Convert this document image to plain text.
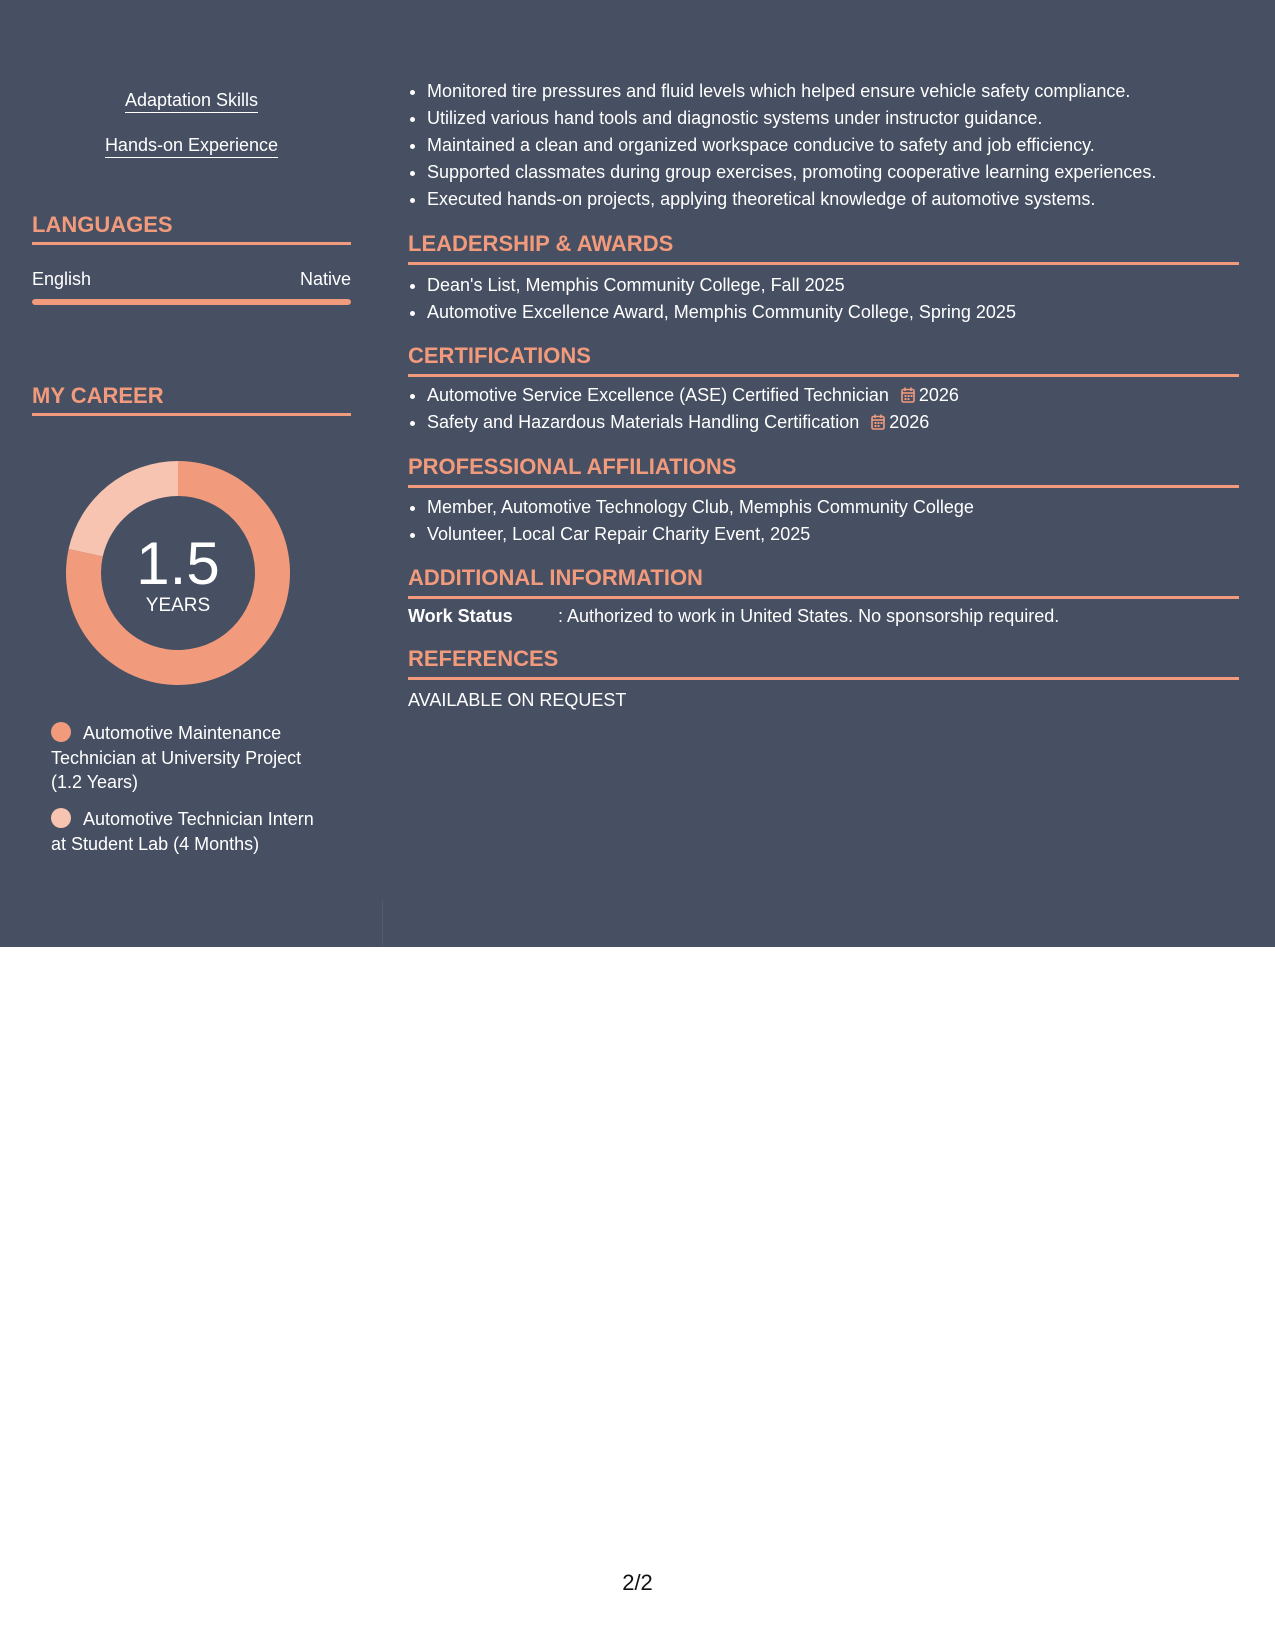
Adaptation Skills
Hands-on Experience
LANGUAGES
English	Native
MY CAREER
1.5
YEARS
Automotive Maintenance Technician at University Project (1.2 Years)
Automotive Technician Intern at Student Lab (4 Months)
• Monitored tire pressures and fluid levels which helped ensure vehicle safety compliance.
• Utilized various hand tools and diagnostic systems under instructor guidance.
• Maintained a clean and organized workspace conducive to safety and job efficiency.
• Supported classmates during group exercises, promoting cooperative learning experiences.
• Executed hands-on projects, applying theoretical knowledge of automotive systems.
LEADERSHIP & AWARDS
• Dean's List, Memphis Community College, Fall 2025
• Automotive Excellence Award, Memphis Community College, Spring 2025
CERTIFICATIONS
• Automotive Service Excellence (ASE) Certified Technician 2026
• Safety and Hazardous Materials Handling Certification 2026
PROFESSIONAL AFFILIATIONS
• Member, Automotive Technology Club, Memphis Community College
• Volunteer, Local Car Repair Charity Event, 2025
ADDITIONAL INFORMATION
Work Status	: Authorized to work in United States. No sponsorship required.
REFERENCES
AVAILABLE ON REQUEST
2/2
